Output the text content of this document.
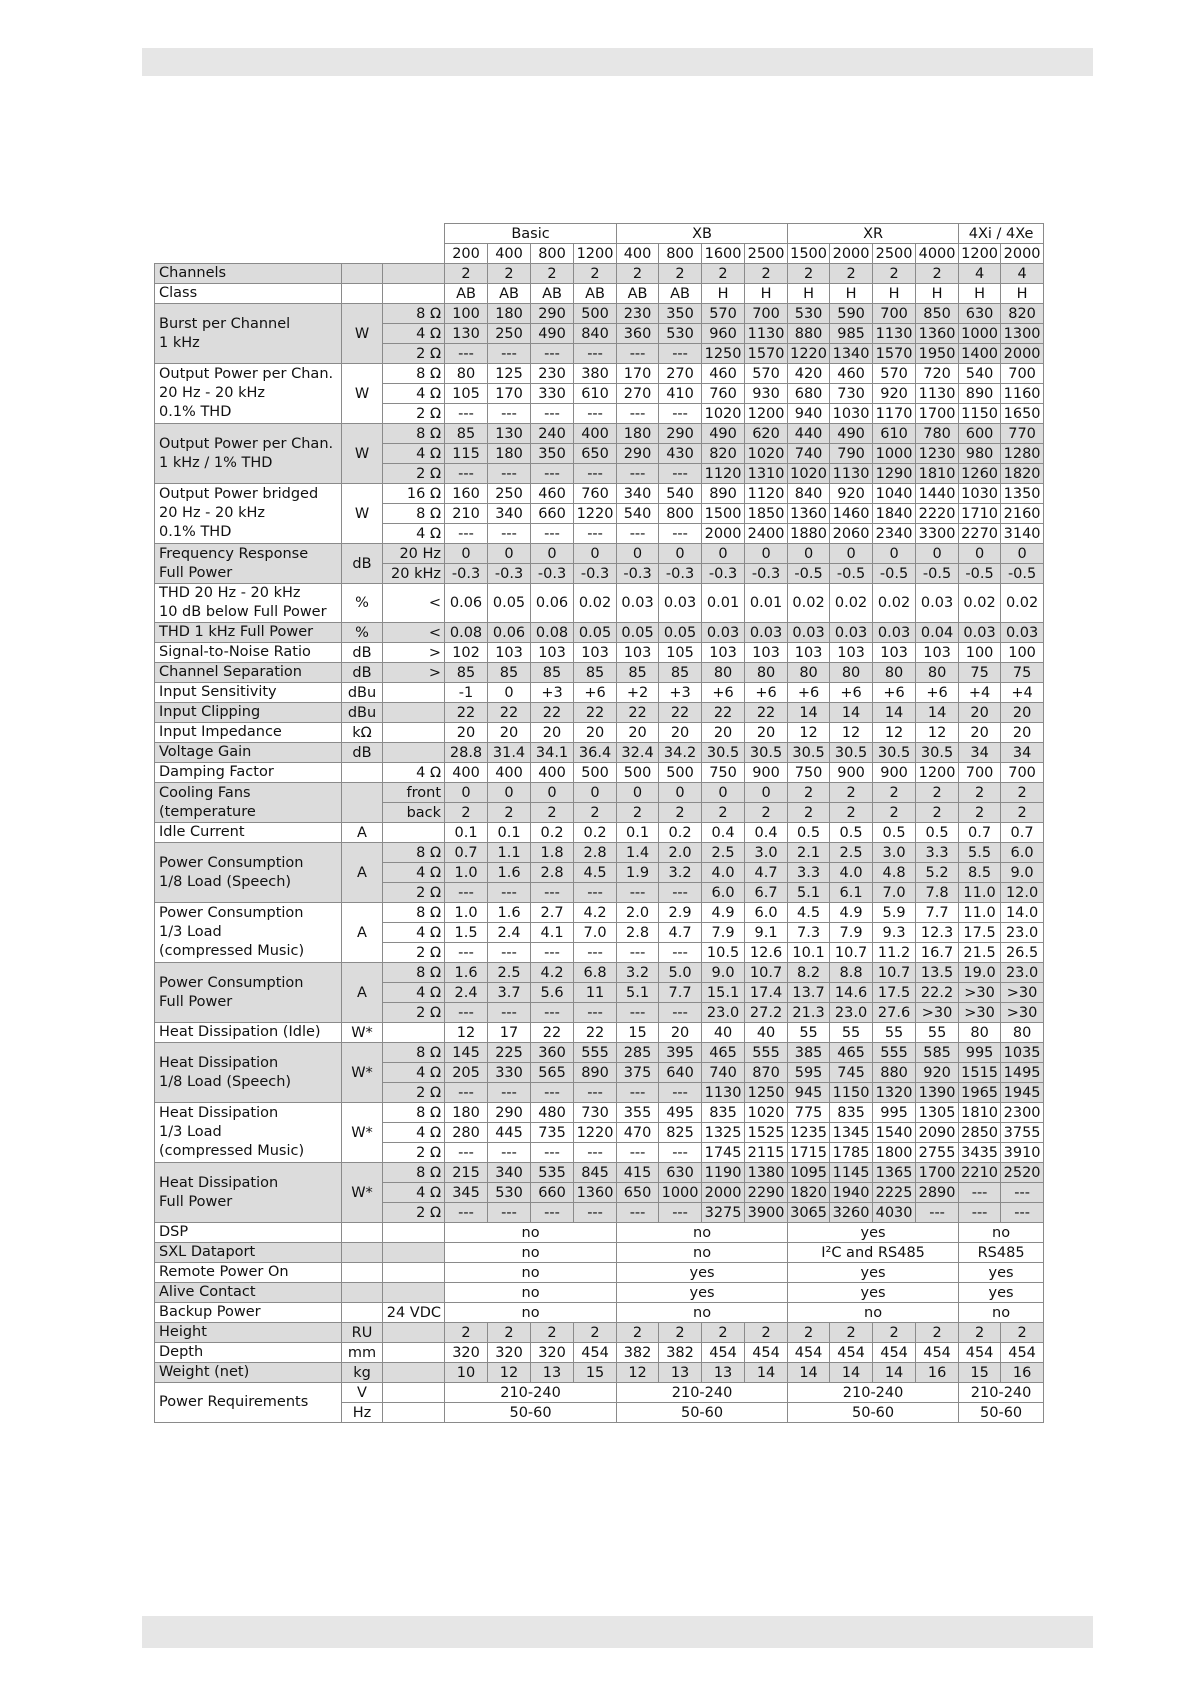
			Basic				XB				XR				4Xi / 4Xe	
			200	400	800	1200	400	800	1600	2500	1500	2000	2500	4000	1200	2000

Channels			2	2	2	2	2	2	2	2	2	2	2	2	4	4

Class			AB	AB	AB	AB	AB	AB	H	H	H	H	H	H	H	H

Burst per Channel
1 kHz	W	8 Ω	100	180	290	500	230	350	570	700	530	590	700	850	630	820
		4 Ω	130	250	490	840	360	530	960	1130	880	985	1130	1360	1000	1300
		2 Ω	---	---	---	---	---	---	1250	1570	1220	1340	1570	1950	1400	2000

Output Power per Chan.
20 Hz - 20 kHz
0.1% THD	W	8 Ω	80	125	230	380	170	270	460	570	420	460	570	720	540	700
		4 Ω	105	170	330	610	270	410	760	930	680	730	920	1130	890	1160
		2 Ω	---	---	---	---	---	---	1020	1200	940	1030	1170	1700	1150	1650

Output Power per Chan.
1 kHz / 1% THD	W	8 Ω	85	130	240	400	180	290	490	620	440	490	610	780	600	770
		4 Ω	115	180	350	650	290	430	820	1020	740	790	1000	1230	980	1280
		2 Ω	---	---	---	---	---	---	1120	1310	1020	1130	1290	1810	1260	1820

Output Power bridged
20 Hz - 20 kHz
0.1% THD	W	16 Ω	160	250	460	760	340	540	890	1120	840	920	1040	1440	1030	1350
		8 Ω	210	340	660	1220	540	800	1500	1850	1360	1460	1840	2220	1710	2160
		4 Ω	---	---	---	---	---	---	2000	2400	1880	2060	2340	3300	2270	3140

Frequency Response
Full Power	dB	20 Hz	0	0	0	0	0	0	0	0	0	0	0	0	0	0
		20 kHz	-0.3	-0.3	-0.3	-0.3	-0.3	-0.3	-0.3	-0.3	-0.5	-0.5	-0.5	-0.5	-0.5	-0.5

THD 20 Hz - 20 kHz
10 dB below Full Power	%	<	0.06	0.05	0.06	0.02	0.03	0.03	0.01	0.01	0.02	0.02	0.02	0.03	0.02	0.02

THD 1 kHz Full Power	%	<	0.08	0.06	0.08	0.05	0.05	0.05	0.03	0.03	0.03	0.03	0.03	0.04	0.03	0.03

Signal-to-Noise Ratio	dB	>	102	103	103	103	103	105	103	103	103	103	103	103	100	100

Channel Separation	dB	>	85	85	85	85	85	85	80	80	80	80	80	80	75	75

Input Sensitivity	dBu		-1	0	+3	+6	+2	+3	+6	+6	+6	+6	+6	+6	+4	+4

Input Clipping	dBu		22	22	22	22	22	22	22	22	14	14	14	14	20	20

Input Impedance	kΩ		20	20	20	20	20	20	20	20	12	12	12	12	20	20

Voltage Gain	dB		28.8	31.4	34.1	36.4	32.4	34.2	30.5	30.5	30.5	30.5	30.5	30.5	34	34

Damping Factor		4 Ω	400	400	400	500	500	500	750	900	750	900	900	1200	700	700

Cooling Fans
(temperature		front	0	0	0	0	0	0	0	0	2	2	2	2	2	2
		back	2	2	2	2	2	2	2	2	2	2	2	2	2	2

Idle Current	A		0.1	0.1	0.2	0.2	0.1	0.2	0.4	0.4	0.5	0.5	0.5	0.5	0.7	0.7

Power Consumption
1/8 Load (Speech)	A	8 Ω	0.7	1.1	1.8	2.8	1.4	2.0	2.5	3.0	2.1	2.5	3.0	3.3	5.5	6.0
		4 Ω	1.0	1.6	2.8	4.5	1.9	3.2	4.0	4.7	3.3	4.0	4.8	5.2	8.5	9.0
		2 Ω	---	---	---	---	---	---	6.0	6.7	5.1	6.1	7.0	7.8	11.0	12.0

Power Consumption
1/3 Load
(compressed Music)	A	8 Ω	1.0	1.6	2.7	4.2	2.0	2.9	4.9	6.0	4.5	4.9	5.9	7.7	11.0	14.0
		4 Ω	1.5	2.4	4.1	7.0	2.8	4.7	7.9	9.1	7.3	7.9	9.3	12.3	17.5	23.0
		2 Ω	---	---	---	---	---	---	10.5	12.6	10.1	10.7	11.2	16.7	21.5	26.5

Power Consumption
Full Power	A	8 Ω	1.6	2.5	4.2	6.8	3.2	5.0	9.0	10.7	8.2	8.8	10.7	13.5	19.0	23.0
		4 Ω	2.4	3.7	5.6	11	5.1	7.7	15.1	17.4	13.7	14.6	17.5	22.2	>30	>30
		2 Ω	---	---	---	---	---	---	23.0	27.2	21.3	23.0	27.6	>30	>30	>30

Heat Dissipation (Idle)	W*		12	17	22	22	15	20	40	40	55	55	55	55	80	80

Heat Dissipation
1/8 Load (Speech)	W*	8 Ω	145	225	360	555	285	395	465	555	385	465	555	585	995	1035
		4 Ω	205	330	565	890	375	640	740	870	595	745	880	920	1515	1495
		2 Ω	---	---	---	---	---	---	1130	1250	945	1150	1320	1390	1965	1945

Heat Dissipation
1/3 Load
(compressed Music)	W*	8 Ω	180	290	480	730	355	495	835	1020	775	835	995	1305	1810	2300
		4 Ω	280	445	735	1220	470	825	1325	1525	1235	1345	1540	2090	2850	3755
		2 Ω	---	---	---	---	---	---	1745	2115	1715	1785	1800	2755	3435	3910

Heat Dissipation
Full Power	W*	8 Ω	215	340	535	845	415	630	1190	1380	1095	1145	1365	1700	2210	2520
		4 Ω	345	530	660	1360	650	1000	2000	2290	1820	1940	2225	2890	---	---
		2 Ω	---	---	---	---	---	---	3275	3900	3065	3260	4030	---	---	---

DSP			no				no				yes				no	

SXL Dataport			no				no				I²C and RS485				RS485	

Remote Power On			no				yes				yes				yes	

Alive Contact			no				yes				yes				yes	

Backup Power		24 VDC	no				no				no				no	

Height	RU		2	2	2	2	2	2	2	2	2	2	2	2	2	2

Depth	mm		320	320	320	454	382	382	454	454	454	454	454	454	454	454

Weight (net)	kg		10	12	13	15	12	13	13	14	14	14	14	16	15	16

Power Requirements	V		210-240				210-240				210-240				210-240	
	Hz		50-60				50-60				50-60				50-60	
